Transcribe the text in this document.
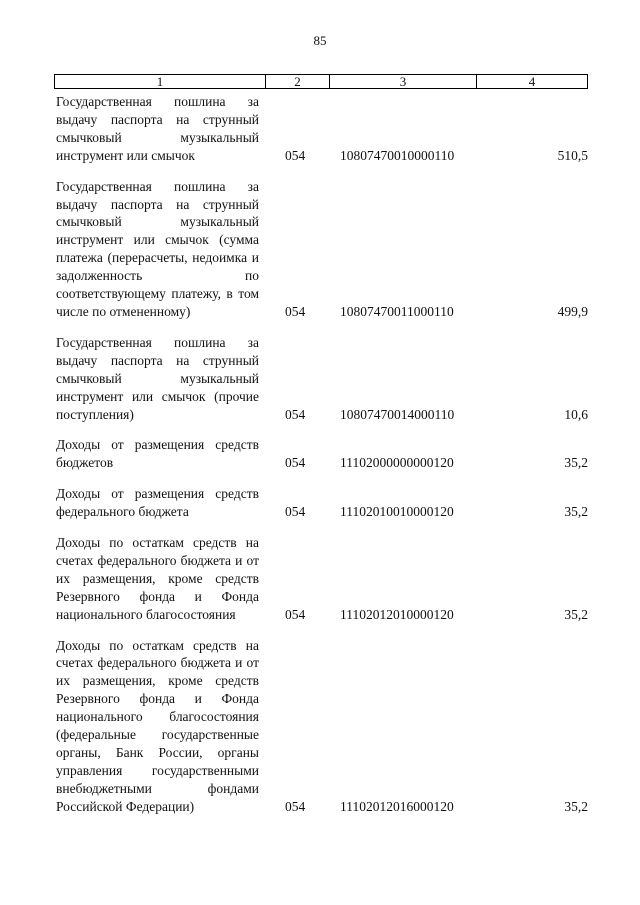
85
1	2	3	4
Государственная пошлина за выдачу паспорта на струнный смычковый музыкальный инструмент или смычок	054	10807470010000110	510,5
Государственная пошлина за выдачу паспорта на струнный смычковый музыкальный инструмент или смычок (сумма платежа (перерасчеты, недоимка и задолженность по соответствующему платежу, в том числе по отмененному)	054	10807470011000110	499,9
Государственная пошлина за выдачу паспорта на струнный смычковый музыкальный инструмент или смычок (прочие поступления)	054	10807470014000110	10,6
Доходы от размещения средств бюджетов	054	11102000000000120	35,2
Доходы от размещения средств федерального бюджета	054	11102010010000120	35,2
Доходы по остаткам средств на счетах федерального бюджета и от их размещения, кроме средств Резервного фонда и Фонда национального благосостояния	054	11102012010000120	35,2
Доходы по остаткам средств на счетах федерального бюджета и от их размещения, кроме средств Резервного фонда и Фонда национального благосостояния (федеральные государственные органы, Банк России, органы управления государственными внебюджетными фондами Российской Федерации)	054	11102012016000120	35,2
